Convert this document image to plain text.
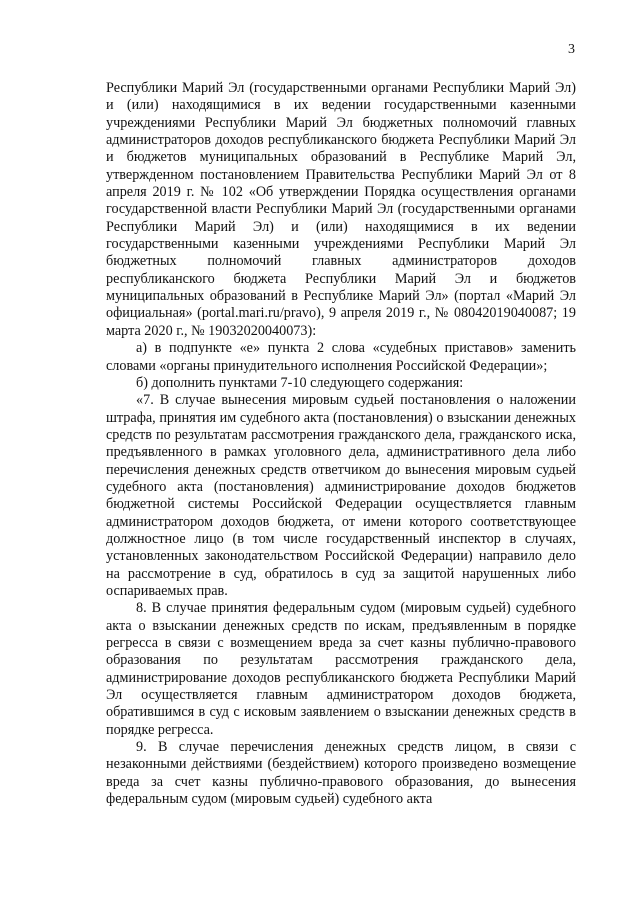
3

Республики Марий Эл (государственными органами Республики Марий Эл) и (или) находящимися в их ведении государственными казенными учреждениями Республики Марий Эл бюджетных полномочий главных администраторов доходов республиканского бюджета Республики Марий Эл и бюджетов муниципальных образований в Республике Марий Эл, утвержденном постановлением Правительства Республики Марий Эл от 8 апреля 2019 г. № 102 «Об утверждении Порядка осуществления органами государственной власти Республики Марий Эл (государственными органами Республики Марий Эл) и (или) находящимися в их ведении государственными казенными учреждениями Республики Марий Эл бюджетных полномочий главных администраторов доходов республиканского бюджета Республики Марий Эл и бюджетов муниципальных образований в Республике Марий Эл» (портал «Марий Эл официальная» (portal.mari.ru/pravo), 9 апреля 2019 г., № 08042019040087; 19 марта 2020 г., № 19032020040073):

а) в подпункте «е» пункта 2 слова «судебных приставов» заменить словами «органы принудительного исполнения Российской Федерации»;

б) дополнить пунктами 7-10 следующего содержания:

«7. В случае вынесения мировым судьей постановления о наложении штрафа, принятия им судебного акта (постановления) о взыскании денежных средств по результатам рассмотрения гражданского дела, гражданского иска, предъявленного в рамках уголовного дела, административного дела либо перечисления денежных средств ответчиком до вынесения мировым судьей судебного акта (постановления) администрирование доходов бюджетов бюджетной системы Российской Федерации осуществляется главным администратором доходов бюджета, от имени которого соответствующее должностное лицо (в том числе государственный инспектор в случаях, установленных законодательством Российской Федерации) направило дело на рассмотрение в суд, обратилось в суд за защитой нарушенных либо оспариваемых прав.

8. В случае принятия федеральным судом (мировым судьей) судебного акта о взыскании денежных средств по искам, предъявленным в порядке регресса в связи с возмещением вреда за счет казны публично-правового образования по результатам рассмотрения гражданского дела, администрирование доходов республиканского бюджета Республики Марий Эл осуществляется главным администратором доходов бюджета, обратившимся в суд с исковым заявлением о взыскании денежных средств в порядке регресса.

9. В случае перечисления денежных средств лицом, в связи с незаконными действиями (бездействием) которого произведено возмещение вреда за счет казны публично-правового образования, до вынесения федеральным судом (мировым судьей) судебного акта
